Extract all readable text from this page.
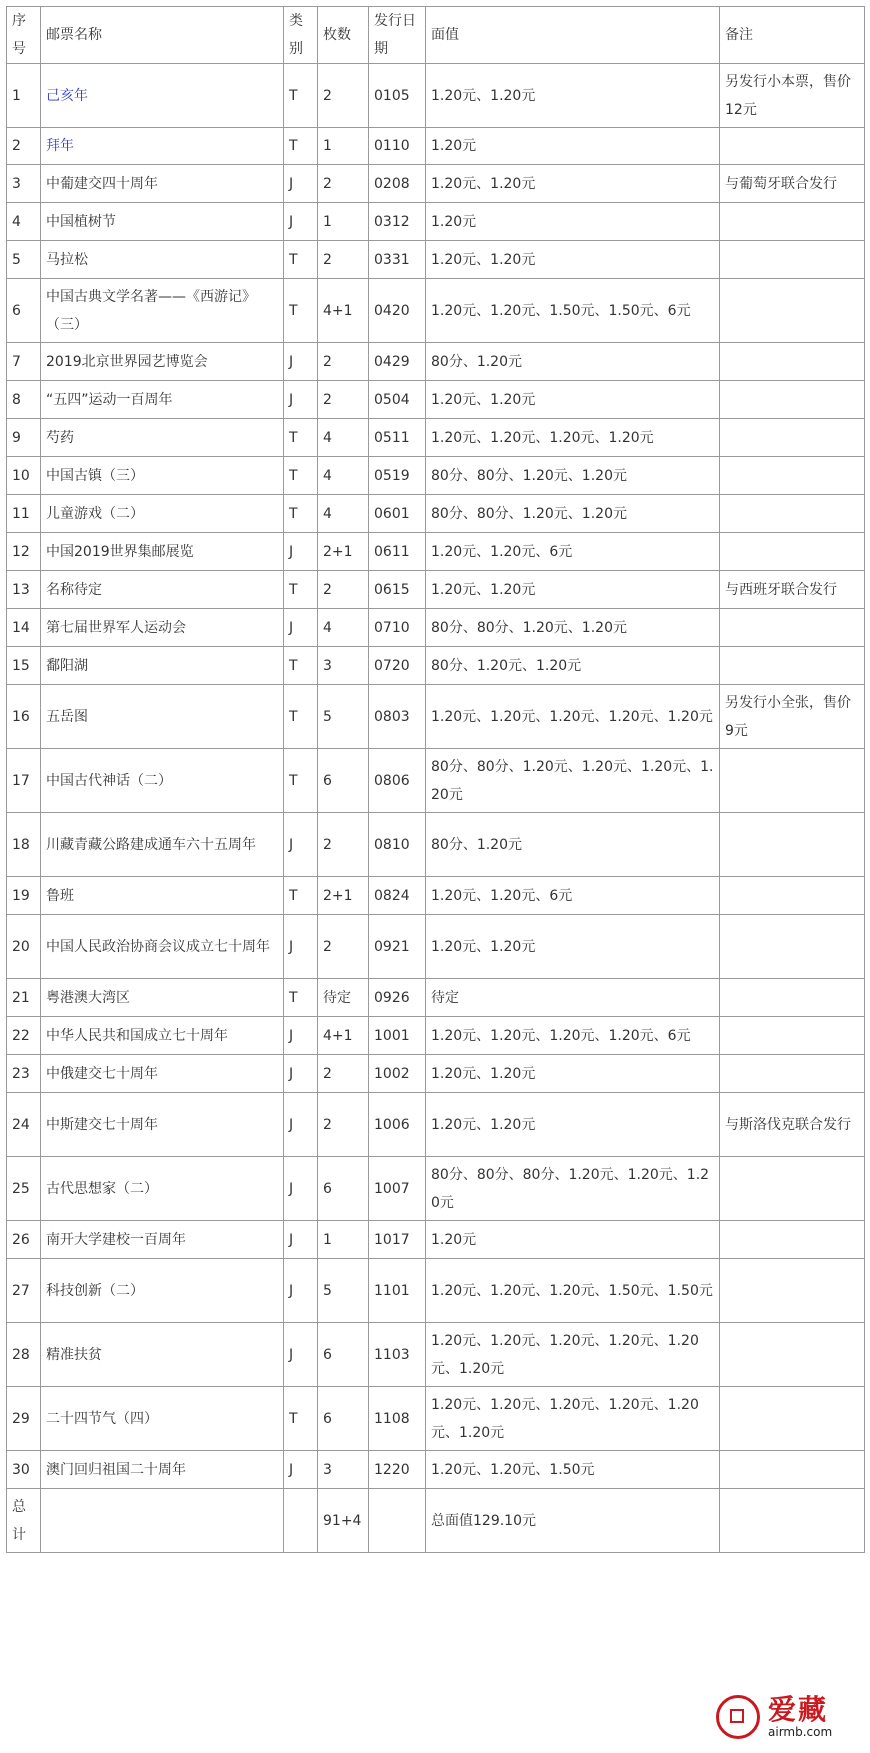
序号	邮票名称	类别	枚数	发行日期	面值	备注
1	己亥年	T	2	0105	1.20元、1.20元	另发行小本票，售价12元
2	拜年	T	1	0110	1.20元	
3	中葡建交四十周年	J	2	0208	1.20元、1.20元	与葡萄牙联合发行
4	中国植树节	J	1	0312	1.20元	
5	马拉松	T	2	0331	1.20元、1.20元	
6	中国古典文学名著——《西游记》（三）	T	4+1	0420	1.20元、1.20元、1.50元、1.50元、6元	
7	2019北京世界园艺博览会	J	2	0429	80分、1.20元	
8	“五四”运动一百周年	J	2	0504	1.20元、1.20元	
9	芍药	T	4	0511	1.20元、1.20元、1.20元、1.20元	
10	中国古镇（三）	T	4	0519	80分、80分、1.20元、1.20元	
11	儿童游戏（二）	T	4	0601	80分、80分、1.20元、1.20元	
12	中国2019世界集邮展览	J	2+1	0611	1.20元、1.20元、6元	
13	名称待定	T	2	0615	1.20元、1.20元	与西班牙联合发行
14	第七届世界军人运动会	J	4	0710	80分、80分、1.20元、1.20元	
15	鄱阳湖	T	3	0720	80分、1.20元、1.20元	
16	五岳图	T	5	0803	1.20元、1.20元、1.20元、1.20元、1.20元	另发行小全张，售价9元
17	中国古代神话（二）	T	6	0806	80分、80分、1.20元、1.20元、1.20元、1.20元	
18	川藏青藏公路建成通车六十五周年	J	2	0810	80分、1.20元	
19	鲁班	T	2+1	0824	1.20元、1.20元、6元	
20	中国人民政治协商会议成立七十周年	J	2	0921	1.20元、1.20元	
21	粤港澳大湾区	T	待定	0926	待定	
22	中华人民共和国成立七十周年	J	4+1	1001	1.20元、1.20元、1.20元、1.20元、6元	
23	中俄建交七十周年	J	2	1002	1.20元、1.20元	
24	中斯建交七十周年	J	2	1006	1.20元、1.20元	与斯洛伐克联合发行
25	古代思想家（二）	J	6	1007	80分、80分、80分、1.20元、1.20元、1.20元	
26	南开大学建校一百周年	J	1	1017	1.20元	
27	科技创新（二）	J	5	1101	1.20元、1.20元、1.20元、1.50元、1.50元	
28	精准扶贫	J	6	1103	1.20元、1.20元、1.20元、1.20元、1.20元、1.20元	
29	二十四节气（四）	T	6	1108	1.20元、1.20元、1.20元、1.20元、1.20元、1.20元	
30	澳门回归祖国二十周年	J	3	1220	1.20元、1.20元、1.50元	
总计			91+4		总面值129.10元	
爱藏
airmb.com
